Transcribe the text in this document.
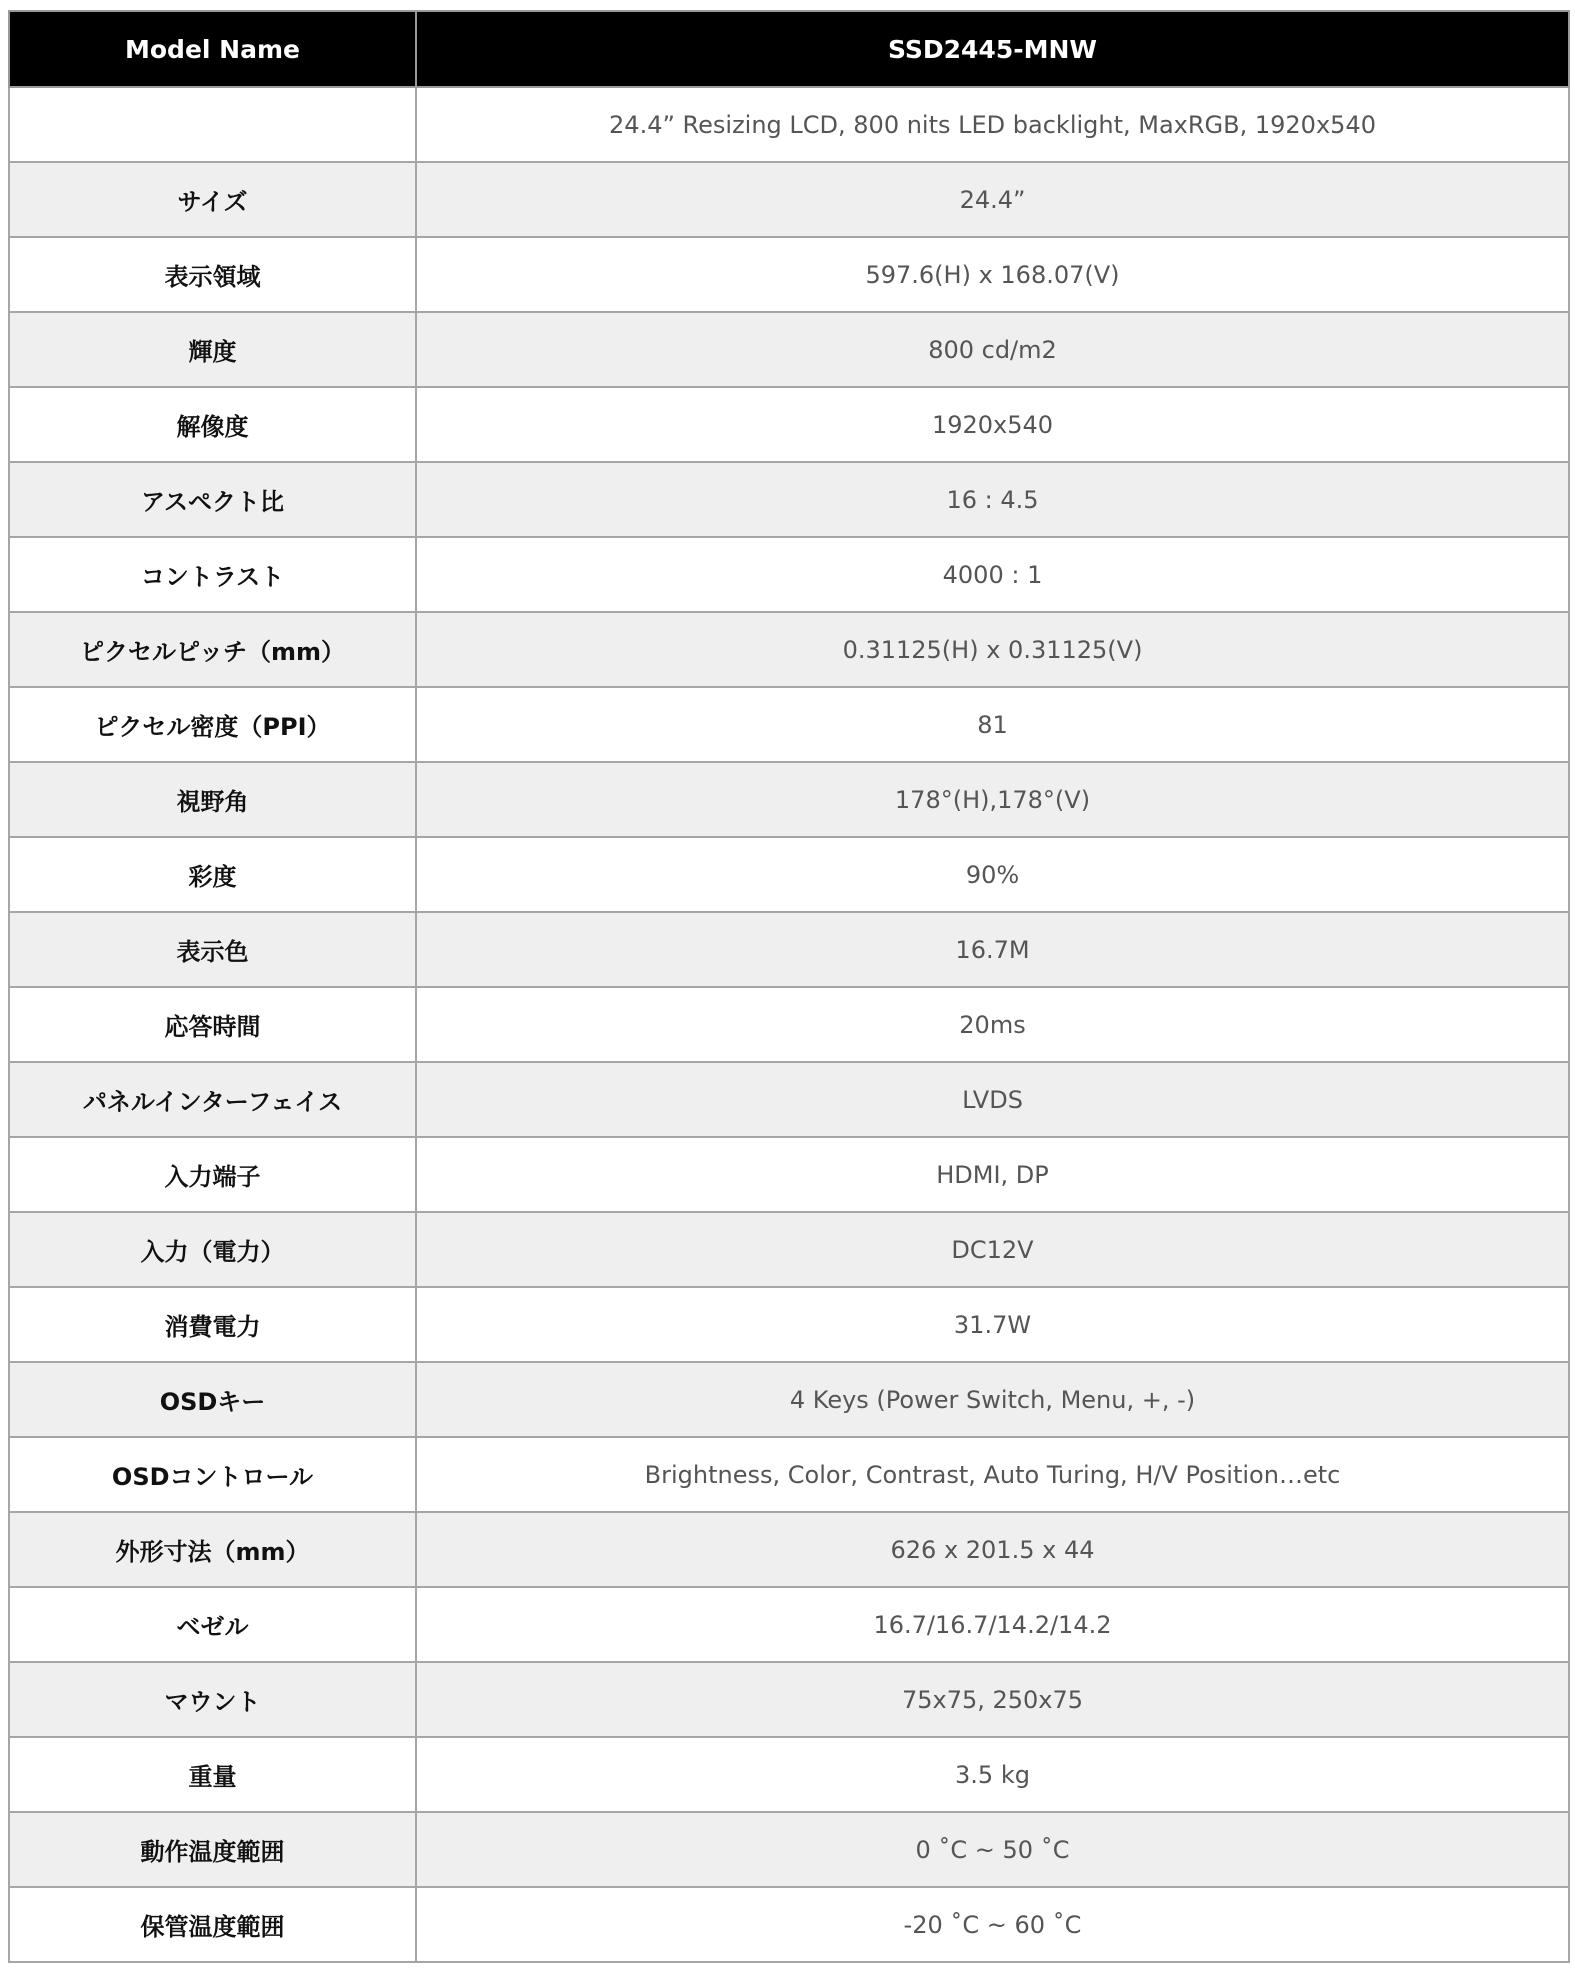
Model Name	SSD2445-MNW
	24.4” Resizing LCD, 800 nits LED backlight, MaxRGB, 1920x540
サイズ	24.4”
表示領域	597.6(H) x 168.07(V)
輝度	800 cd/m2
解像度	1920x540
アスペクト比	16 : 4.5
コントラスト	4000 : 1
ピクセルピッチ（mm）	0.31125(H) x 0.31125(V)
ピクセル密度（PPI）	81
視野角	178°(H),178°(V)
彩度	90%
表示色	16.7M
応答時間	20ms
パネルインターフェイス	LVDS
入力端子	HDMI, DP
入力（電力）	DC12V
消費電力	31.7W
OSDキー	4 Keys (Power Switch, Menu, +, -)
OSDコントロール	Brightness, Color, Contrast, Auto Turing, H/V Position…etc
外形寸法（mm）	626 x 201.5 x 44
ベゼル	16.7/16.7/14.2/14.2
マウント	75x75, 250x75
重量	3.5 kg
動作温度範囲	0 ˚C ~ 50 ˚C
保管温度範囲	-20 ˚C ~ 60 ˚C
